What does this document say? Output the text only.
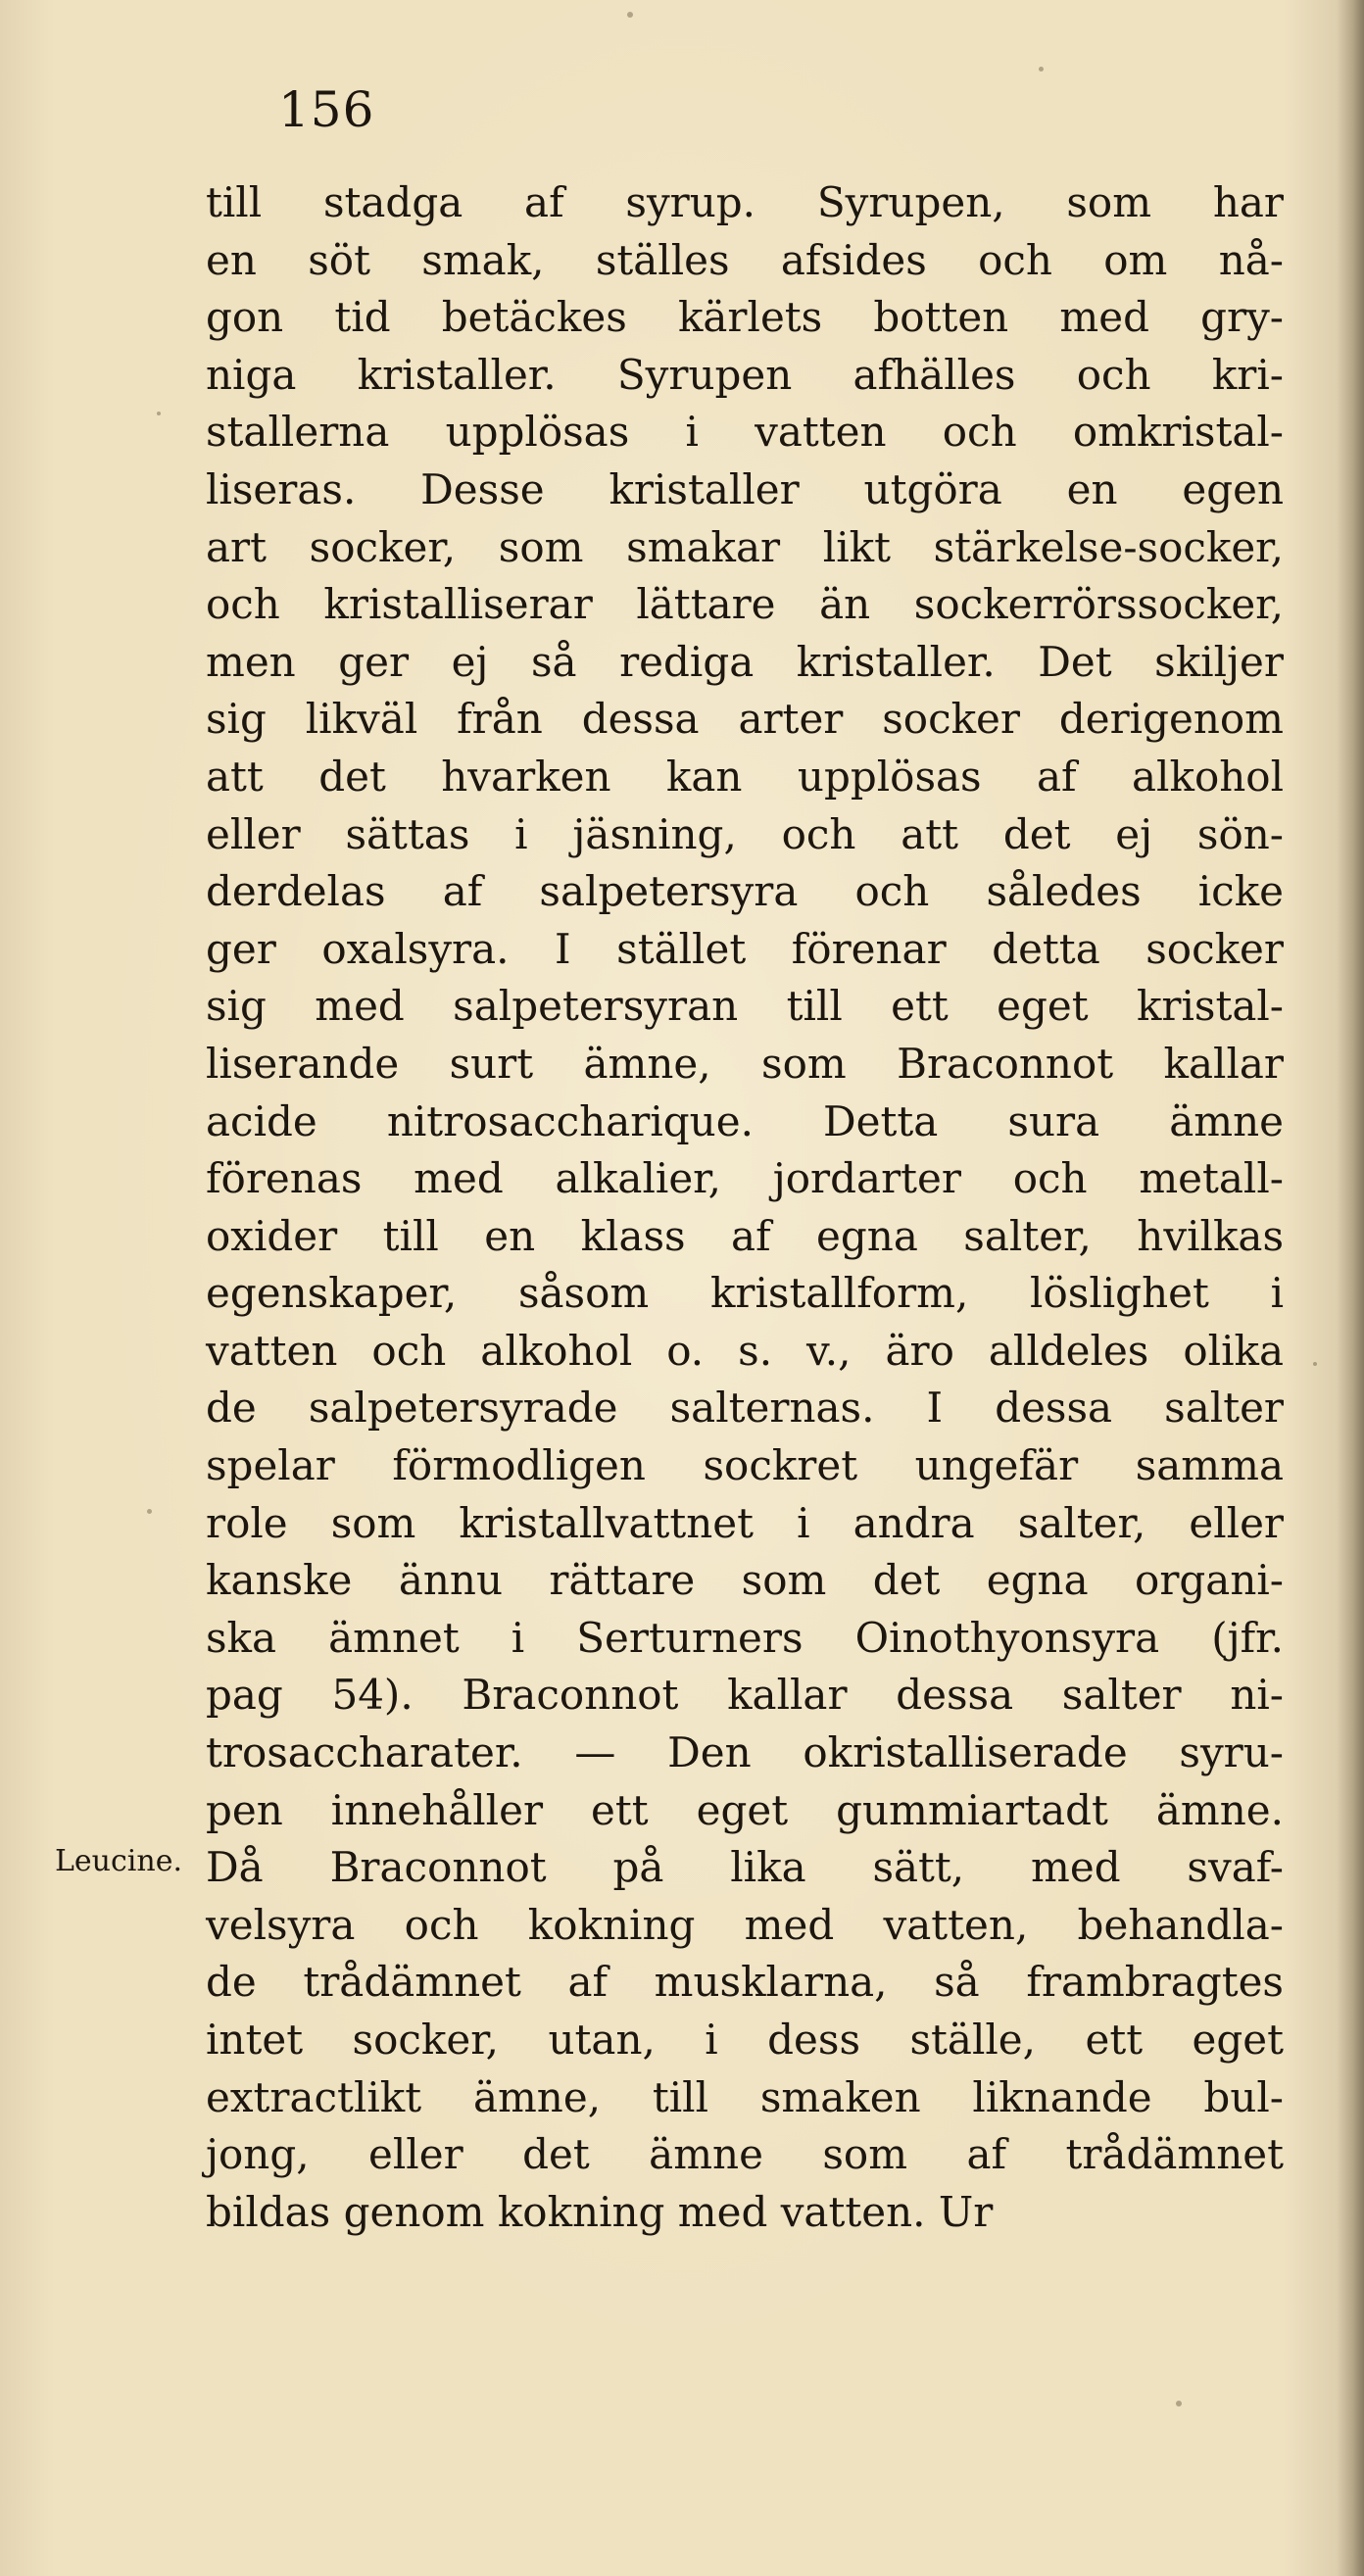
156
Leucine.
till stadga af syrup. Syrupen, som har
en söt smak, ställes afsides och om nå-
gon tid betäckes kärlets botten med gry-
niga kristaller. Syrupen afhälles och kri-
stallerna upplösas i vatten och omkristal-
liseras. Desse kristaller utgöra en egen
art socker, som smakar likt stärkelse-socker,
och kristalliserar lättare än sockerrörssocker,
men ger ej så rediga kristaller. Det skiljer
sig likväl från dessa arter socker derigenom
att det hvarken kan upplösas af alkohol
eller sättas i jäsning, och att det ej sön-
derdelas af salpetersyra och således icke
ger oxalsyra. I stället förenar detta socker
sig med salpetersyran till ett eget kristal-
liserande surt ämne, som Braconnot kallar
acide nitrosaccharique. Detta sura ämne
förenas med alkalier, jordarter och metall-
oxider till en klass af egna salter, hvilkas
egenskaper, såsom kristallform, löslighet i
vatten och alkohol o. s. v., äro alldeles olika
de salpetersyrade salternas. I dessa salter
spelar förmodligen sockret ungefär samma
role som kristallvattnet i andra salter, eller
kanske ännu rättare som det egna organi-
ska ämnet i Serturners Oinothyonsyra (jfr.
pag 54). Braconnot kallar dessa salter ni-
trosaccharater. — Den okristalliserade syru-
pen innehåller ett eget gummiartadt ämne.
Då Braconnot på lika sätt, med svaf-
velsyra och kokning med vatten, behandla-
de trådämnet af musklarna, så frambragtes
intet socker, utan, i dess ställe, ett eget
extractlikt ämne, till smaken liknande bul-
jong, eller det ämne som af trådämnet
bildas genom kokning med vatten. Ur
